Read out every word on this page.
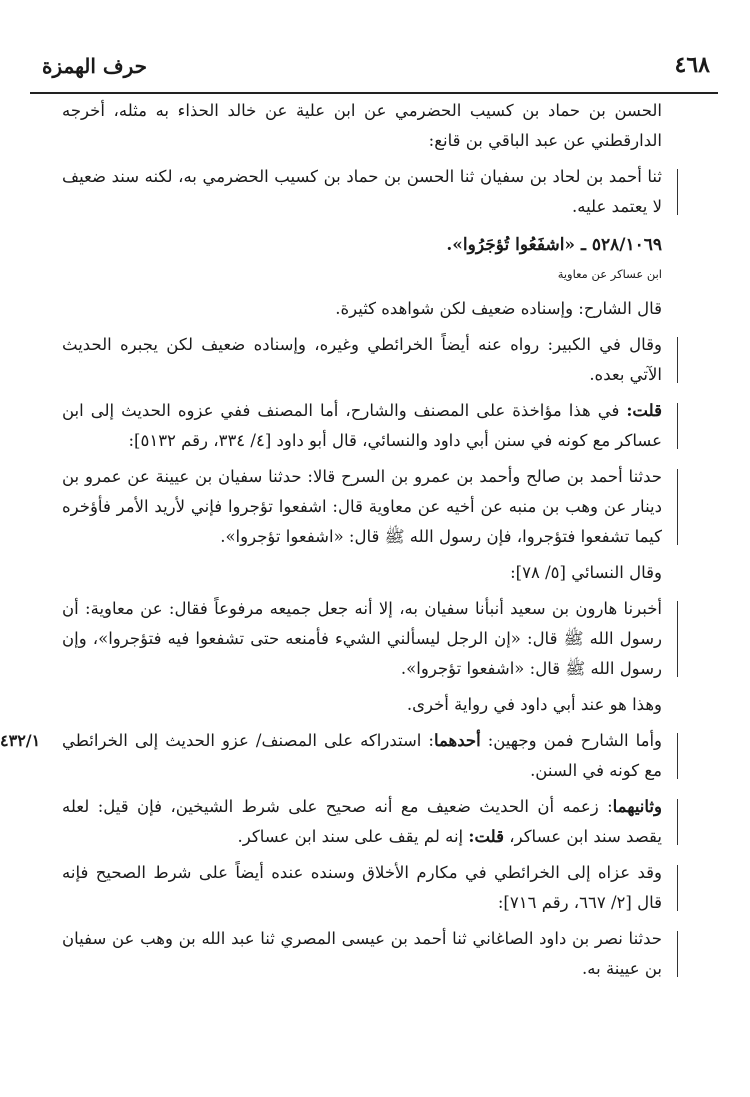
٤٦٨
حرف الهمزة

الحسن بن حماد بن كسيب الحضرمي عن ابن علية عن خالد الحذاء به مثله، أخرجه الدارقطني عن عبد الباقي بن قانع:

ثنا أحمد بن لحاد بن سفيان ثنا الحسن بن حماد بن كسيب الحضرمي به، لكنه سند ضعيف لا يعتمد عليه.

٥٢٨/١٠٦٩ ـ «اشفَعُوا تُؤجَرُوا».

ابن عساكر عن معاوية

قال الشارح: وإسناده ضعيف لكن شواهده كثيرة.

وقال في الكبير: رواه عنه أيضاً الخرائطي وغيره، وإسناده ضعيف لكن يجبره الحديث الآتي بعده.

قلت: في هذا مؤاخذة على المصنف والشارح، أما المصنف ففي عزوه الحديث إلى ابن عساكر مع كونه في سنن أبي داود والنسائي، قال أبو داود [٤/ ٣٣٤، رقم ٥١٣٢]:

حدثنا أحمد بن صالح وأحمد بن عمرو بن السرح قالا: حدثنا سفيان بن عيينة عن عمرو بن دينار عن وهب بن منبه عن أخيه عن معاوية قال: اشفعوا تؤجروا فإني لأريد الأمر فأؤخره كيما تشفعوا فتؤجروا، فإن رسول الله ﷺ قال: «اشفعوا تؤجروا».

وقال النسائي [٥/ ٧٨]:

أخبرنا هارون بن سعيد أنبأنا سفيان به، إلا أنه جعل جميعه مرفوعاً فقال: عن معاوية: أن رسول الله ﷺ قال: «إن الرجل ليسألني الشيء فأمنعه حتى تشفعوا فيه فتؤجروا»، وإن رسول الله ﷺ قال: «اشفعوا تؤجروا».

وهذا هو عند أبي داود في رواية أخرى.

٤٣٢/١	وأما الشارح فمن وجهين: أحدهما: استدراكه على المصنف/ عزو الحديث إلى الخرائطي مع كونه في السنن.

وثانيهما: زعمه أن الحديث ضعيف مع أنه صحيح على شرط الشيخين، فإن قيل: لعله يقصد سند ابن عساكر، قلت: إنه لم يقف على سند ابن عساكر.

وقد عزاه إلى الخرائطي في مكارم الأخلاق وسنده عنده أيضاً على شرط الصحيح فإنه قال [٢/ ٦٦٧، رقم ٧١٦]:

حدثنا نصر بن داود الصاغاني ثنا أحمد بن عيسى المصري ثنا عبد الله بن وهب عن سفيان بن عيينة به.
